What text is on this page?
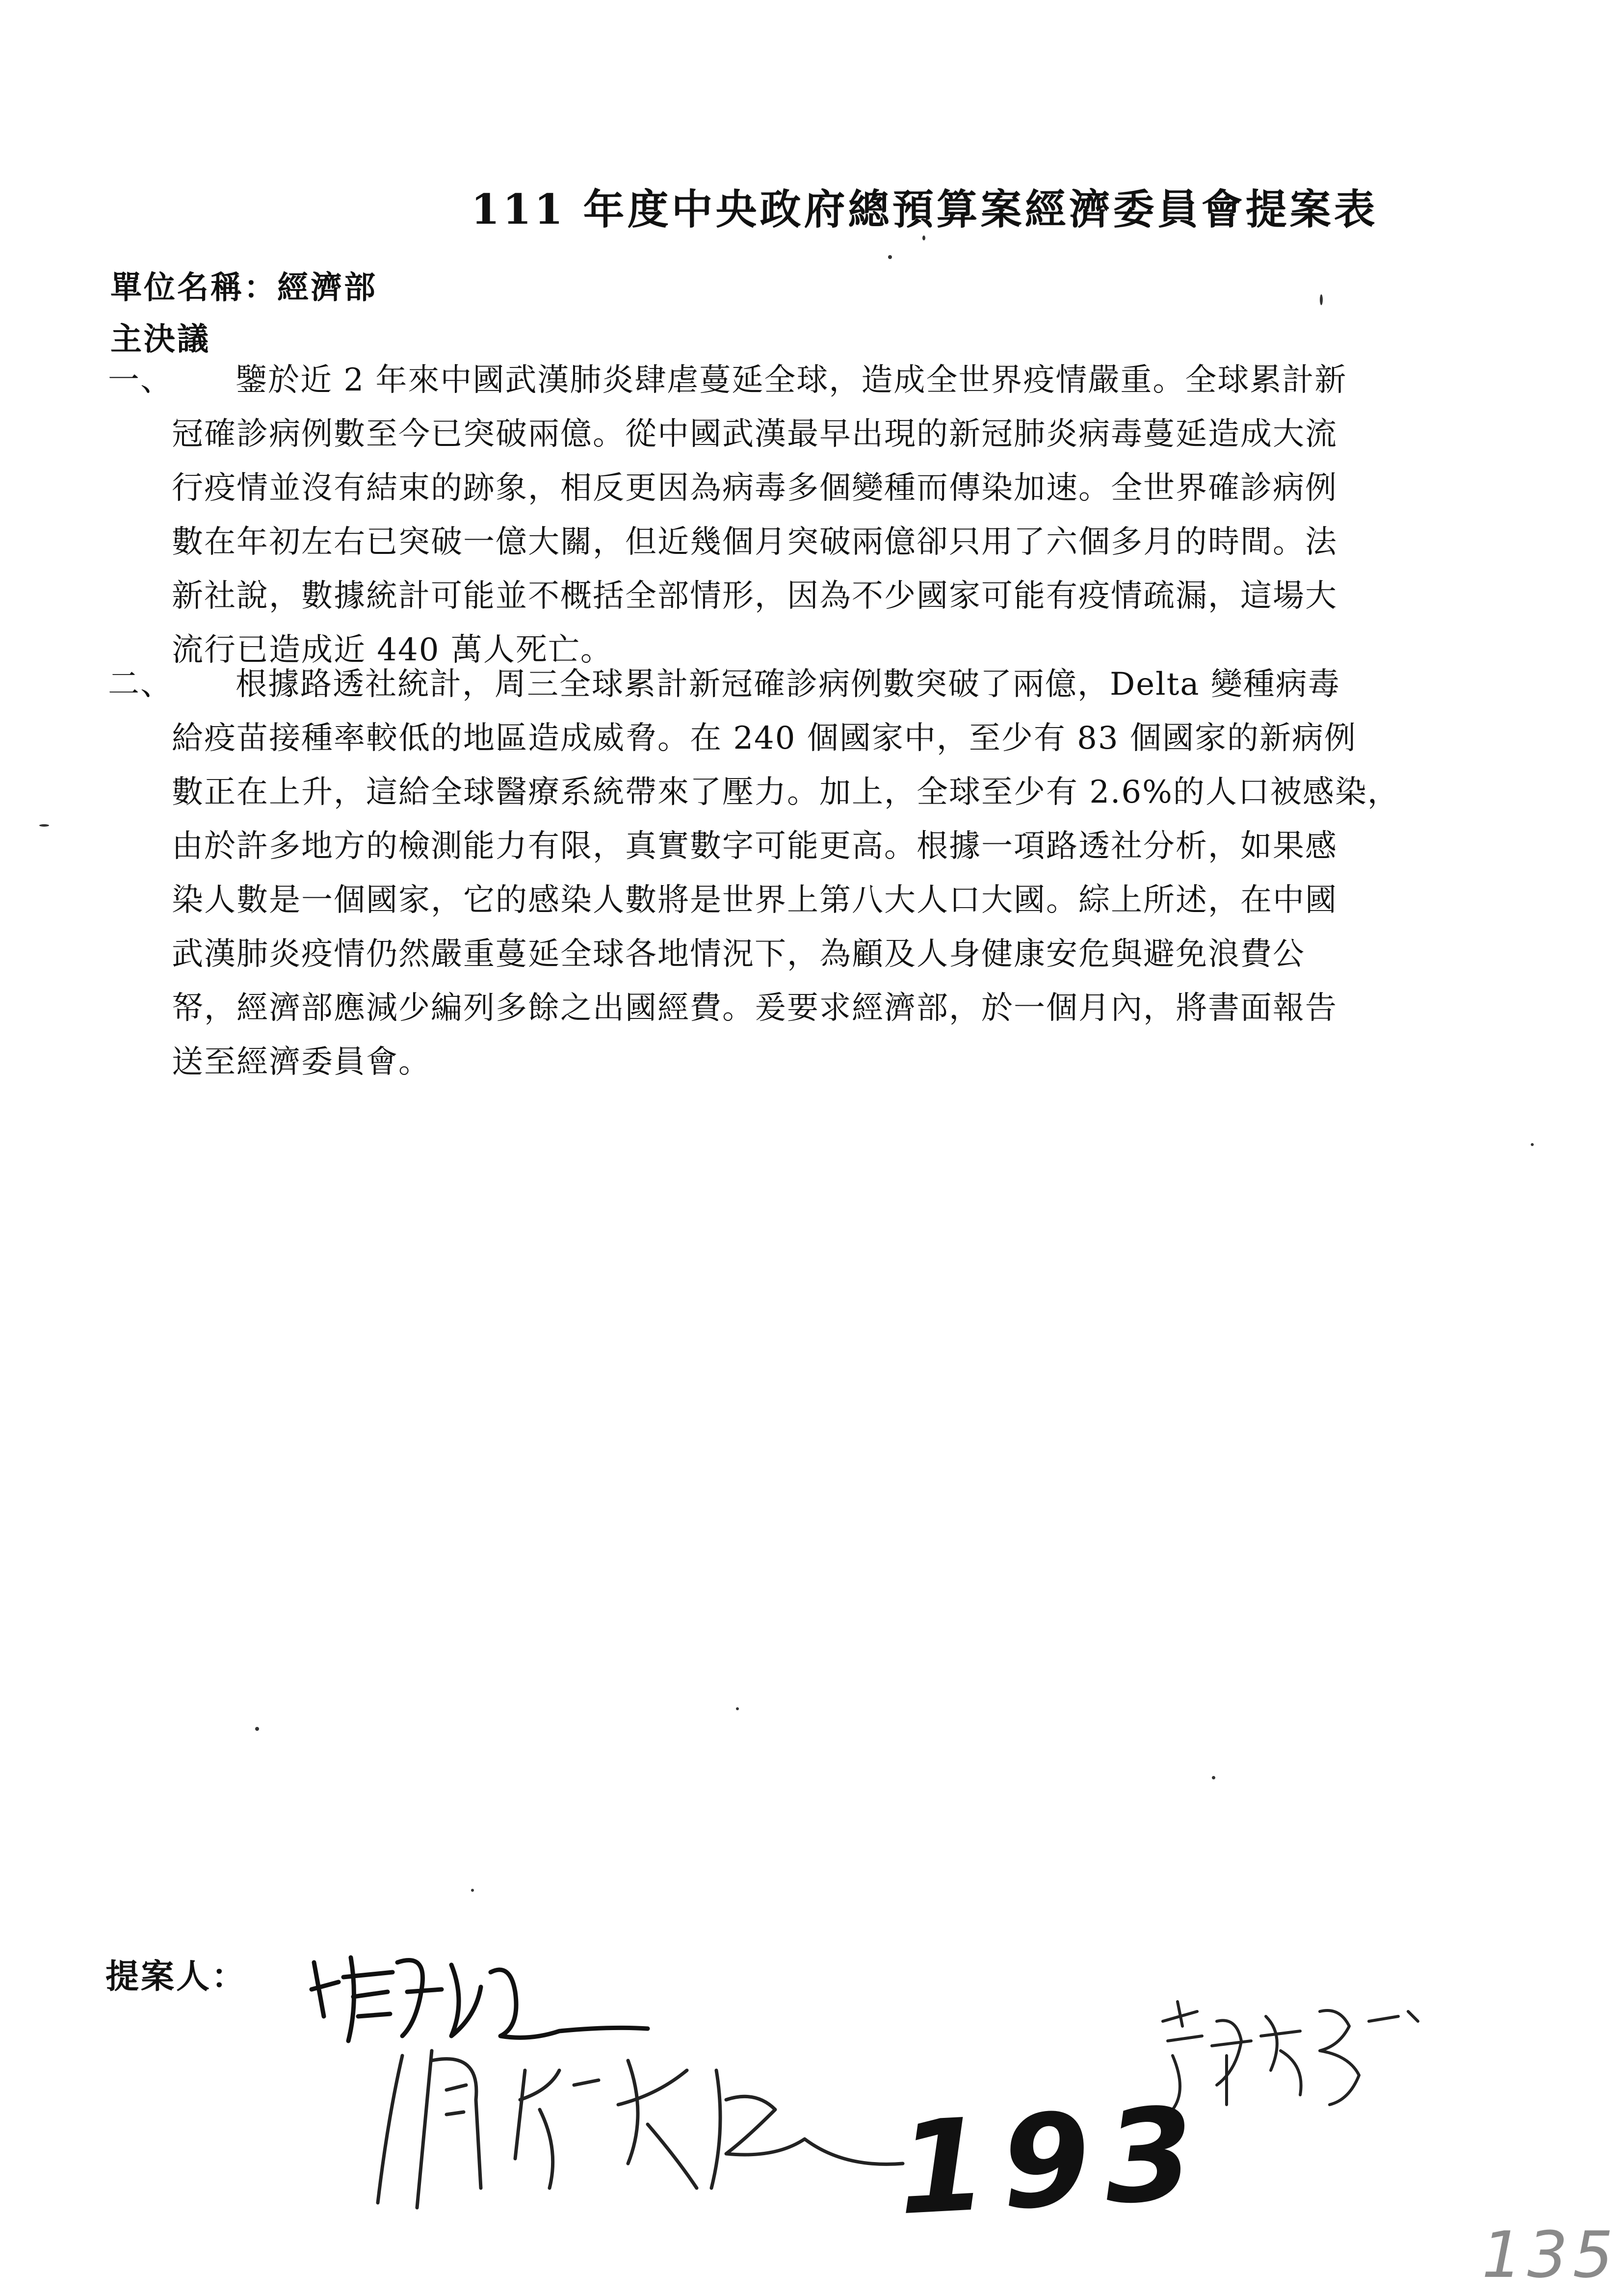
111 年度中央政府總預算案經濟委員會提案表
單位名稱：經濟部
主決議
一、 鑒於近 2 年來中國武漢肺炎肆虐蔓延全球，造成全世界疫情嚴重。全球累計新
冠確診病例數至今已突破兩億。從中國武漢最早出現的新冠肺炎病毒蔓延造成大流
行疫情並沒有結束的跡象，相反更因為病毒多個變種而傳染加速。全世界確診病例
數在年初左右已突破一億大關，但近幾個月突破兩億卻只用了六個多月的時間。法
新社說，數據統計可能並不概括全部情形，因為不少國家可能有疫情疏漏，這場大
流行已造成近 440 萬人死亡。
二、 根據路透社統計，周三全球累計新冠確診病例數突破了兩億，Delta 變種病毒
給疫苗接種率較低的地區造成威脅。在 240 個國家中，至少有 83 個國家的新病例
數正在上升，這給全球醫療系統帶來了壓力。加上，全球至少有 2.6%的人口被感染，
由於許多地方的檢測能力有限，真實數字可能更高。根據一項路透社分析，如果感
染人數是一個國家，它的感染人數將是世界上第八大人口大國。綜上所述，在中國
武漢肺炎疫情仍然嚴重蔓延全球各地情況下，為顧及人身健康安危與避免浪費公
帑，經濟部應減少編列多餘之出國經費。爰要求經濟部，於一個月內，將書面報告
送至經濟委員會。
提案人：
193
135
